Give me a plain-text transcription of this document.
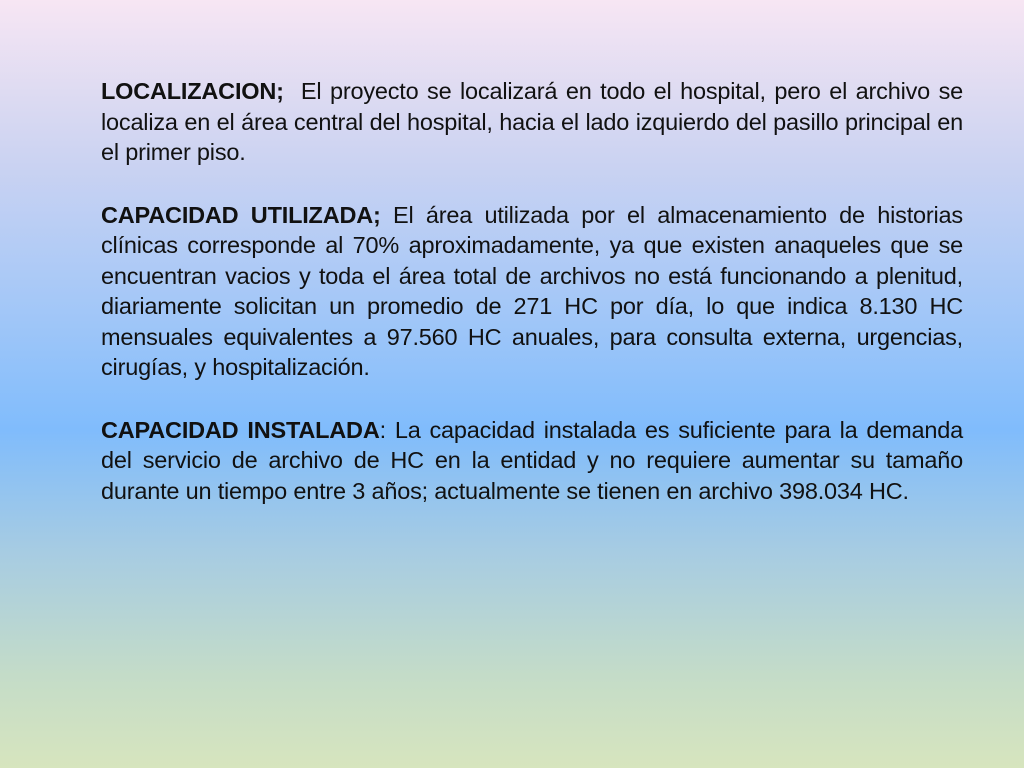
LOCALIZACION; El proyecto se localizará en todo el hospital, pero el archivo se localiza en el área central del hospital, hacia el lado izquierdo del pasillo principal en el primer piso.

CAPACIDAD UTILIZADA; El área utilizada por el almacenamiento de historias clínicas corresponde al 70% aproximadamente, ya que existen anaqueles que se encuentran vacios y toda el área total de archivos no está funcionando a plenitud, diariamente solicitan un promedio de 271 HC por día, lo que indica 8.130 HC mensuales equivalentes a 97.560 HC anuales, para consulta externa, urgencias, cirugías, y hospitalización.

CAPACIDAD INSTALADA: La capacidad instalada es suficiente para la demanda del servicio de archivo de HC en la entidad y no requiere aumentar su tamaño durante un tiempo entre 3 años; actualmente se tienen en archivo 398.034 HC.
